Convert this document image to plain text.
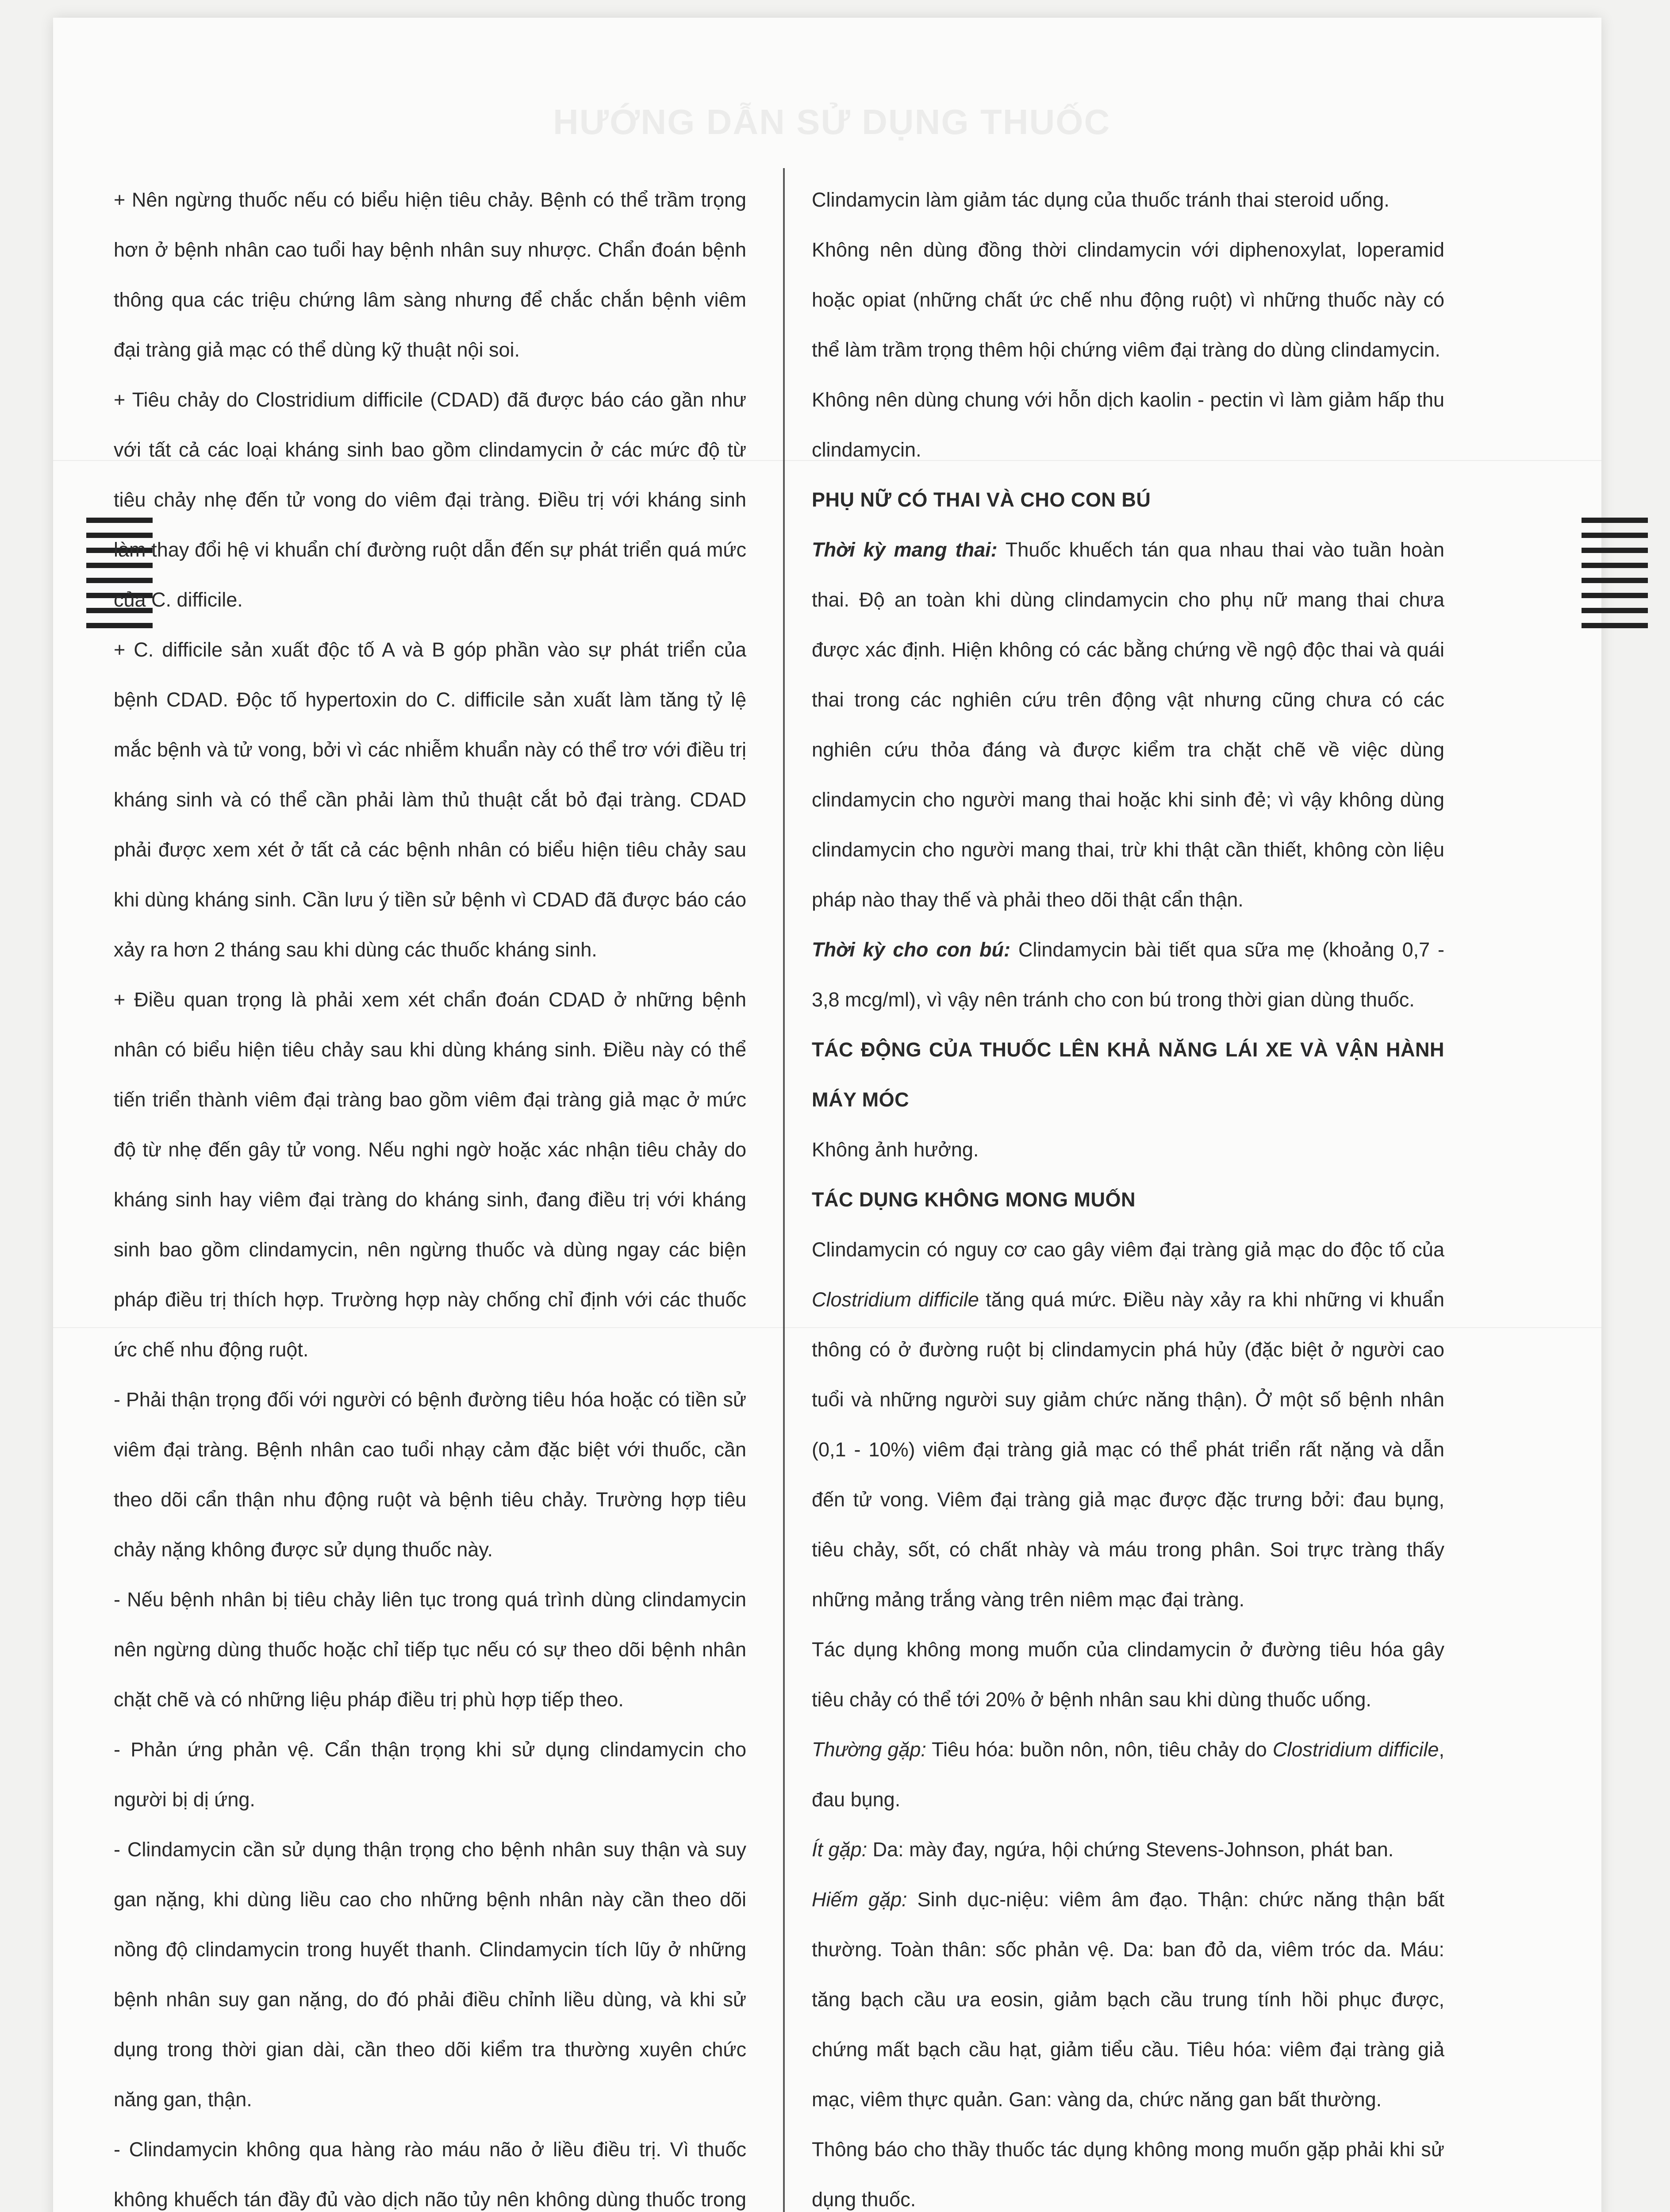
HƯỚNG DẪN SỬ DỤNG THUỐC

+ Nên ngừng thuốc nếu có biểu hiện tiêu chảy. Bệnh có thể trầm trọng hơn ở bệnh nhân cao tuổi hay bệnh nhân suy nhược. Chẩn đoán bệnh thông qua các triệu chứng lâm sàng nhưng để chắc chắn bệnh viêm đại tràng giả mạc có thể dùng kỹ thuật nội soi.

+ Tiêu chảy do Clostridium difficile (CDAD) đã được báo cáo gần như với tất cả các loại kháng sinh bao gồm clindamycin ở các mức độ từ tiêu chảy nhẹ đến tử vong do viêm đại tràng. Điều trị với kháng sinh làm thay đổi hệ vi khuẩn chí đường ruột dẫn đến sự phát triển quá mức của C. difficile.

+ C. difficile sản xuất độc tố A và B góp phần vào sự phát triển của bệnh CDAD. Độc tố hypertoxin do C. difficile sản xuất làm tăng tỷ lệ mắc bệnh và tử vong, bởi vì các nhiễm khuẩn này có thể trơ với điều trị kháng sinh và có thể cần phải làm thủ thuật cắt bỏ đại tràng. CDAD phải được xem xét ở tất cả các bệnh nhân có biểu hiện tiêu chảy sau khi dùng kháng sinh. Cần lưu ý tiền sử bệnh vì CDAD đã được báo cáo xảy ra hơn 2 tháng sau khi dùng các thuốc kháng sinh.

+ Điều quan trọng là phải xem xét chẩn đoán CDAD ở những bệnh nhân có biểu hiện tiêu chảy sau khi dùng kháng sinh. Điều này có thể tiến triển thành viêm đại tràng bao gồm viêm đại tràng giả mạc ở mức độ từ nhẹ đến gây tử vong. Nếu nghi ngờ hoặc xác nhận tiêu chảy do kháng sinh hay viêm đại tràng do kháng sinh, đang điều trị với kháng sinh bao gồm clindamycin, nên ngừng thuốc và dùng ngay các biện pháp điều trị thích hợp. Trường hợp này chống chỉ định với các thuốc ức chế nhu động ruột.

- Phải thận trọng đối với người có bệnh đường tiêu hóa hoặc có tiền sử viêm đại tràng. Bệnh nhân cao tuổi nhạy cảm đặc biệt với thuốc, cần theo dõi cẩn thận nhu động ruột và bệnh tiêu chảy. Trường hợp tiêu chảy nặng không được sử dụng thuốc này.

- Nếu bệnh nhân bị tiêu chảy liên tục trong quá trình dùng clindamycin nên ngừng dùng thuốc hoặc chỉ tiếp tục nếu có sự theo dõi bệnh nhân chặt chẽ và có những liệu pháp điều trị phù hợp tiếp theo.

- Phản ứng phản vệ. Cẩn thận trọng khi sử dụng clindamycin cho người bị dị ứng.

- Clindamycin cần sử dụng thận trọng cho bệnh nhân suy thận và suy gan nặng, khi dùng liều cao cho những bệnh nhân này cần theo dõi nồng độ clindamycin trong huyết thanh. Clindamycin tích lũy ở những bệnh nhân suy gan nặng, do đó phải điều chỉnh liều dùng, và khi sử dụng trong thời gian dài, cần theo dõi kiểm tra thường xuyên chức năng gan, thận.

- Clindamycin không qua hàng rào máu não ở liều điều trị. Vì thuốc không khuếch tán đầy đủ vào dịch não tủy nên không dùng thuốc trong

Clindamycin làm giảm tác dụng của thuốc tránh thai steroid uống.

Không nên dùng đồng thời clindamycin với diphenoxylat, loperamid hoặc opiat (những chất ức chế nhu động ruột) vì những thuốc này có thể làm trầm trọng thêm hội chứng viêm đại tràng do dùng clindamycin.

Không nên dùng chung với hỗn dịch kaolin - pectin vì làm giảm hấp thu clindamycin.

PHỤ NỮ CÓ THAI VÀ CHO CON BÚ

Thời kỳ mang thai: Thuốc khuếch tán qua nhau thai vào tuần hoàn thai. Độ an toàn khi dùng clindamycin cho phụ nữ mang thai chưa được xác định. Hiện không có các bằng chứng về ngộ độc thai và quái thai trong các nghiên cứu trên động vật nhưng cũng chưa có các nghiên cứu thỏa đáng và được kiểm tra chặt chẽ về việc dùng clindamycin cho người mang thai hoặc khi sinh đẻ; vì vậy không dùng clindamycin cho người mang thai, trừ khi thật cần thiết, không còn liệu pháp nào thay thế và phải theo dõi thật cẩn thận.

Thời kỳ cho con bú: Clindamycin bài tiết qua sữa mẹ (khoảng 0,7 - 3,8 mcg/ml), vì vậy nên tránh cho con bú trong thời gian dùng thuốc.

TÁC ĐỘNG CỦA THUỐC LÊN KHẢ NĂNG LÁI XE VÀ VẬN HÀNH MÁY MÓC

Không ảnh hưởng.

TÁC DỤNG KHÔNG MONG MUỐN

Clindamycin có nguy cơ cao gây viêm đại tràng giả mạc do độc tố của Clostridium difficile tăng quá mức. Điều này xảy ra khi những vi khuẩn thông có ở đường ruột bị clindamycin phá hủy (đặc biệt ở người cao tuổi và những người suy giảm chức năng thận). Ở một số bệnh nhân (0,1 - 10%) viêm đại tràng giả mạc có thể phát triển rất nặng và dẫn đến tử vong. Viêm đại tràng giả mạc được đặc trưng bởi: đau bụng, tiêu chảy, sốt, có chất nhày và máu trong phân. Soi trực tràng thấy những mảng trắng vàng trên niêm mạc đại tràng.

Tác dụng không mong muốn của clindamycin ở đường tiêu hóa gây tiêu chảy có thể tới 20% ở bệnh nhân sau khi dùng thuốc uống.

Thường gặp: Tiêu hóa: buồn nôn, nôn, tiêu chảy do Clostridium difficile, đau bụng.

Ít gặp: Da: mày đay, ngứa, hội chứng Stevens-Johnson, phát ban.

Hiếm gặp: Sinh dục-niệu: viêm âm đạo. Thận: chức năng thận bất thường. Toàn thân: sốc phản vệ. Da: ban đỏ da, viêm tróc da. Máu: tăng bạch cầu ưa eosin, giảm bạch cầu trung tính hồi phục được, chứng mất bạch cầu hạt, giảm tiểu cầu. Tiêu hóa: viêm đại tràng giả mạc, viêm thực quản. Gan: vàng da, chức năng gan bất thường.

Thông báo cho thầy thuốc tác dụng không mong muốn gặp phải khi sử dụng thuốc.
